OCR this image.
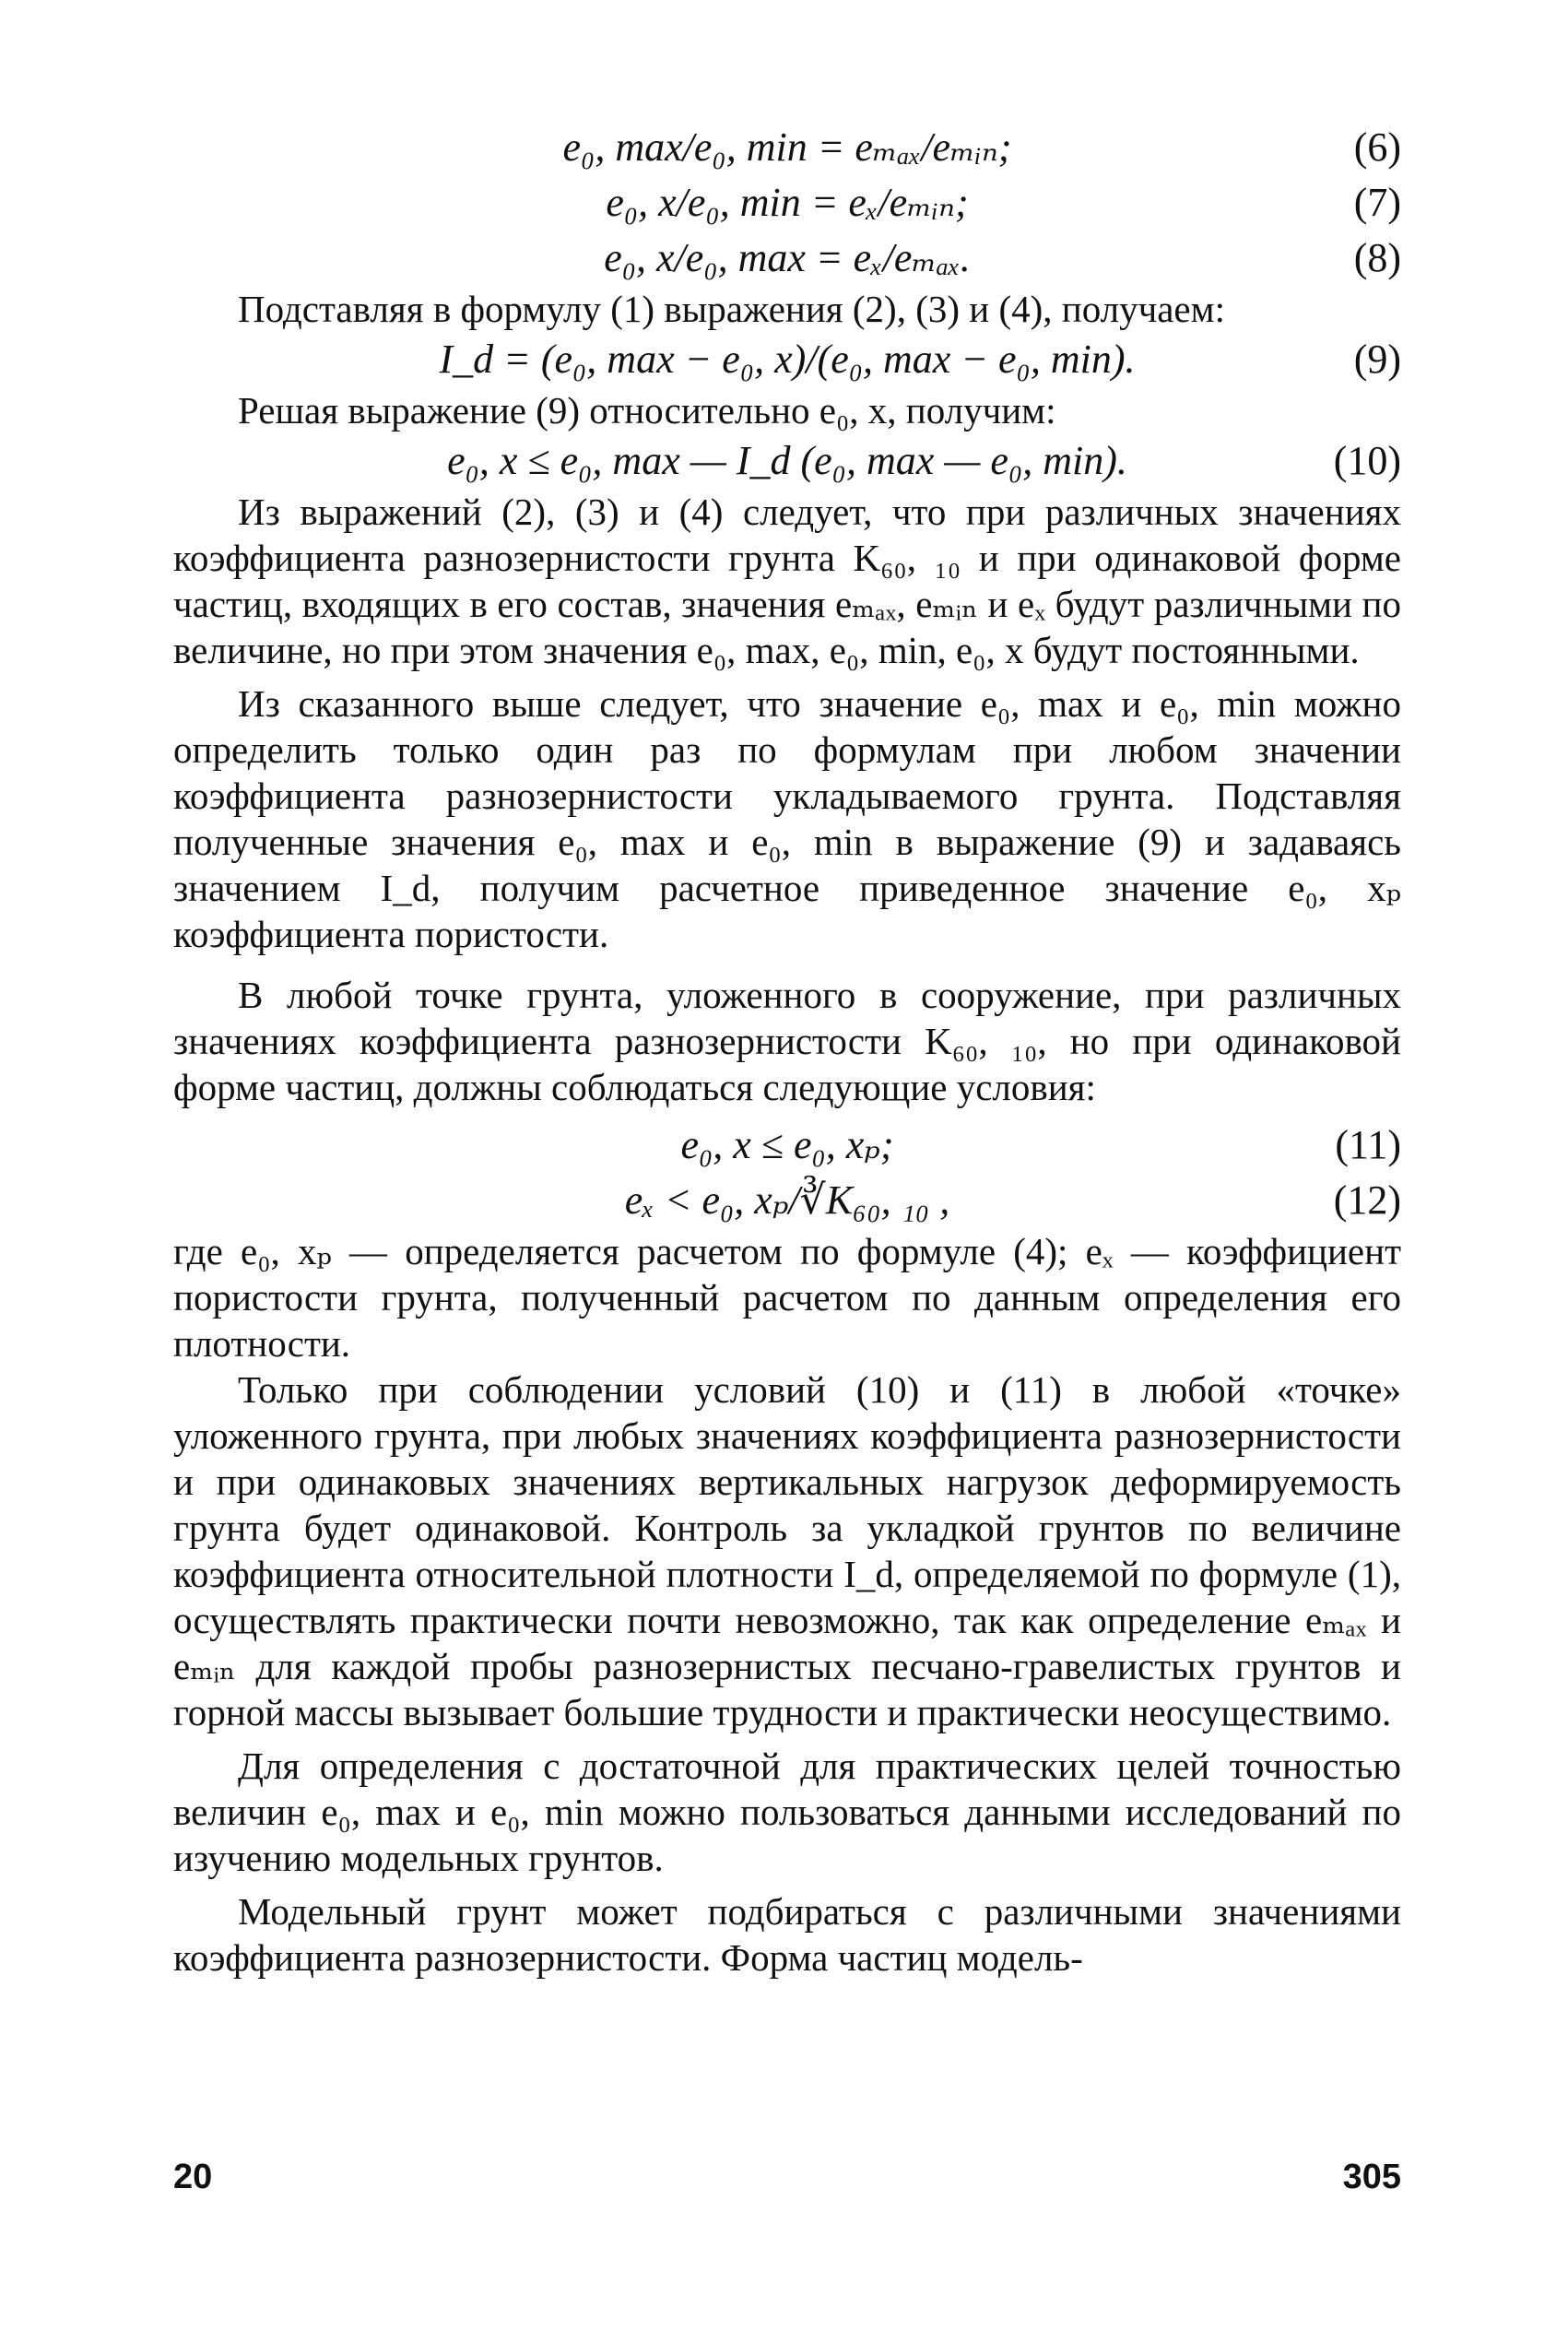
e₀, max/e₀, min = eₘₐₓ/eₘᵢₙ;	(6)
e₀, x/e₀, min = eₓ/eₘᵢₙ;	(7)
e₀, x/e₀, max = eₓ/eₘₐₓ.	(8)

Подставляя в формулу (1) выражения (2), (3) и (4), получаем:

I_d = (e₀, max − e₀, x)/(e₀, max − e₀, min).	(9)

Решая выражение (9) относительно e₀, x, получим:

e₀, x ≤ e₀, max — I_d (e₀, max — e₀, min).	(10)

Из выражений (2), (3) и (4) следует, что при различных значениях коэффициента разнозернистости грунта K₆₀, ₁₀ и при одинаковой форме частиц, входящих в его состав, значения eₘₐₓ, eₘᵢₙ и eₓ будут различными по величине, но при этом значения e₀, max, e₀, min, e₀, x будут постоянными.

Из сказанного выше следует, что значение e₀, max и e₀, min можно определить только один раз по формулам при любом значении коэффициента разнозернистости укладываемого грунта. Подставляя полученные значения e₀, max и e₀, min в выражение (9) и задаваясь значением I_d, получим расчетное приведенное значение e₀, xₚ коэффициента пористости.

В любой точке грунта, уложенного в сооружение, при различных значениях коэффициента разнозернистости K₆₀, ₁₀, но при одинаковой форме частиц, должны соблюдаться следующие условия:

e₀, x ≤ e₀, xₚ;	(11)
eₓ < e₀, xₚ/∛K₆₀, ₁₀ ,	(12)

где e₀, xₚ — определяется расчетом по формуле (4); eₓ — коэффициент пористости грунта, полученный расчетом по данным определения его плотности.

Только при соблюдении условий (10) и (11) в любой «точке» уложенного грунта, при любых значениях коэффициента разнозернистости и при одинаковых значениях вертикальных нагрузок деформируемость грунта будет одинаковой. Контроль за укладкой грунтов по величине коэффициента относительной плотности I_d, определяемой по формуле (1), осуществлять практически почти невозможно, так как определение eₘₐₓ и eₘᵢₙ для каждой пробы разнозернистых песчано-гравелистых грунтов и горной массы вызывает большие трудности и практически неосуществимо.

Для определения с достаточной для практических целей точностью величин e₀, max и e₀, min можно пользоваться данными исследований по изучению модельных грунтов.

Модельный грунт может подбираться с различными значениями коэффициента разнозернистости. Форма частиц модель-

20	305
